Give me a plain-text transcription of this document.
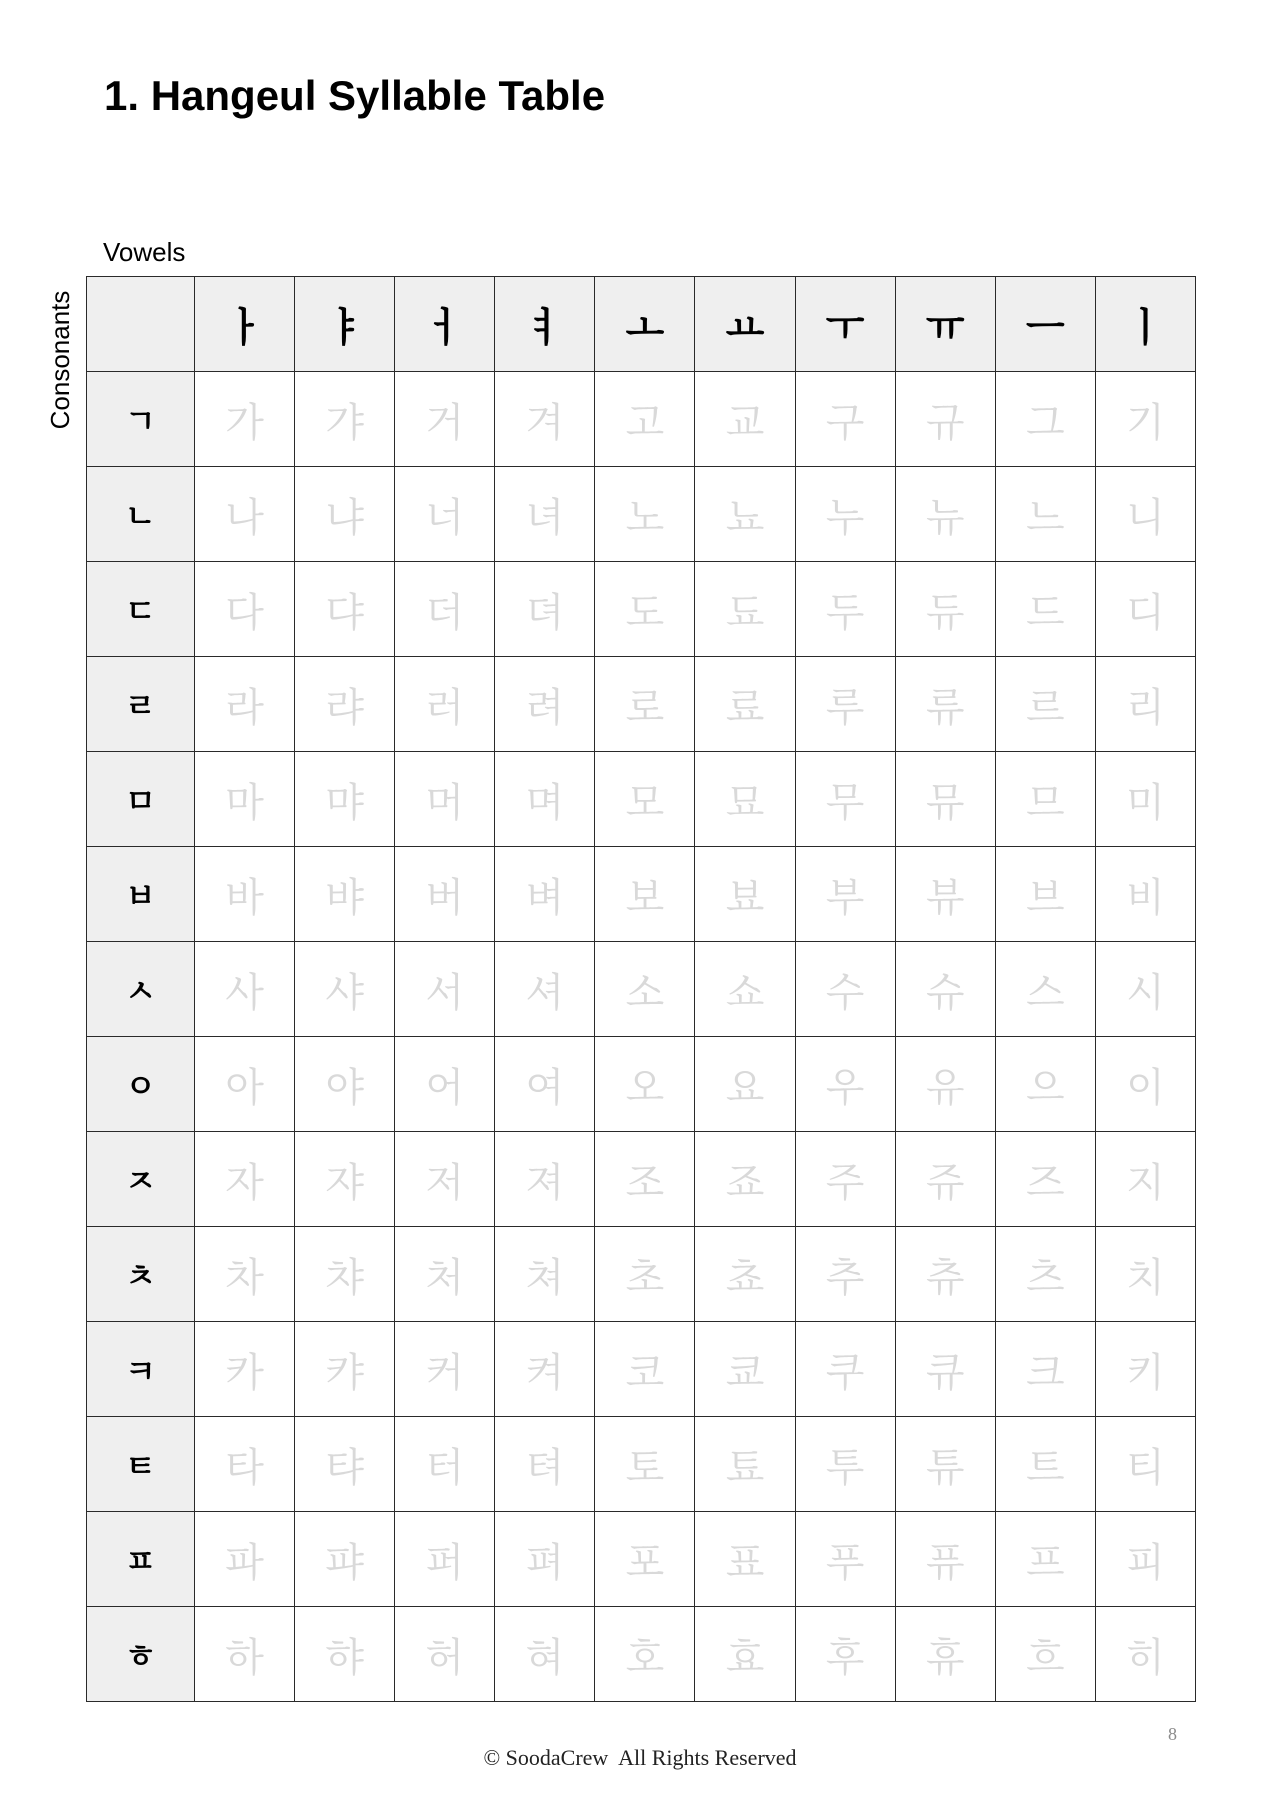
1. Hangeul Syllable Table
Vowels
Consonants
		ㅏ	ㅑ	ㅓ	ㅕ	ㅗ	ㅛ	ㅜ	ㅠ	ㅡ	ㅣ
ㄱ	가	갸	거	겨	고	교	구	규	그	기
ㄴ	나	냐	너	녀	노	뇨	누	뉴	느	니
ㄷ	다	댜	더	뎌	도	됴	두	듀	드	디
ㄹ	라	랴	러	려	로	료	루	류	르	리
ㅁ	마	먀	머	며	모	묘	무	뮤	므	미
ㅂ	바	뱌	버	벼	보	뵤	부	뷰	브	비
ㅅ	사	샤	서	셔	소	쇼	수	슈	스	시
ㅇ	아	야	어	여	오	요	우	유	으	이
ㅈ	자	쟈	저	져	조	죠	주	쥬	즈	지
ㅊ	차	챠	처	쳐	초	쵸	추	츄	츠	치
ㅋ	카	캬	커	켜	코	쿄	쿠	큐	크	키
ㅌ	타	탸	터	텨	토	툐	투	튜	트	티
ㅍ	파	퍄	퍼	펴	포	표	푸	퓨	프	피
ㅎ	하	햐	허	혀	호	효	후	휴	흐	히
8
© SoodaCrew  All Rights Reserved
